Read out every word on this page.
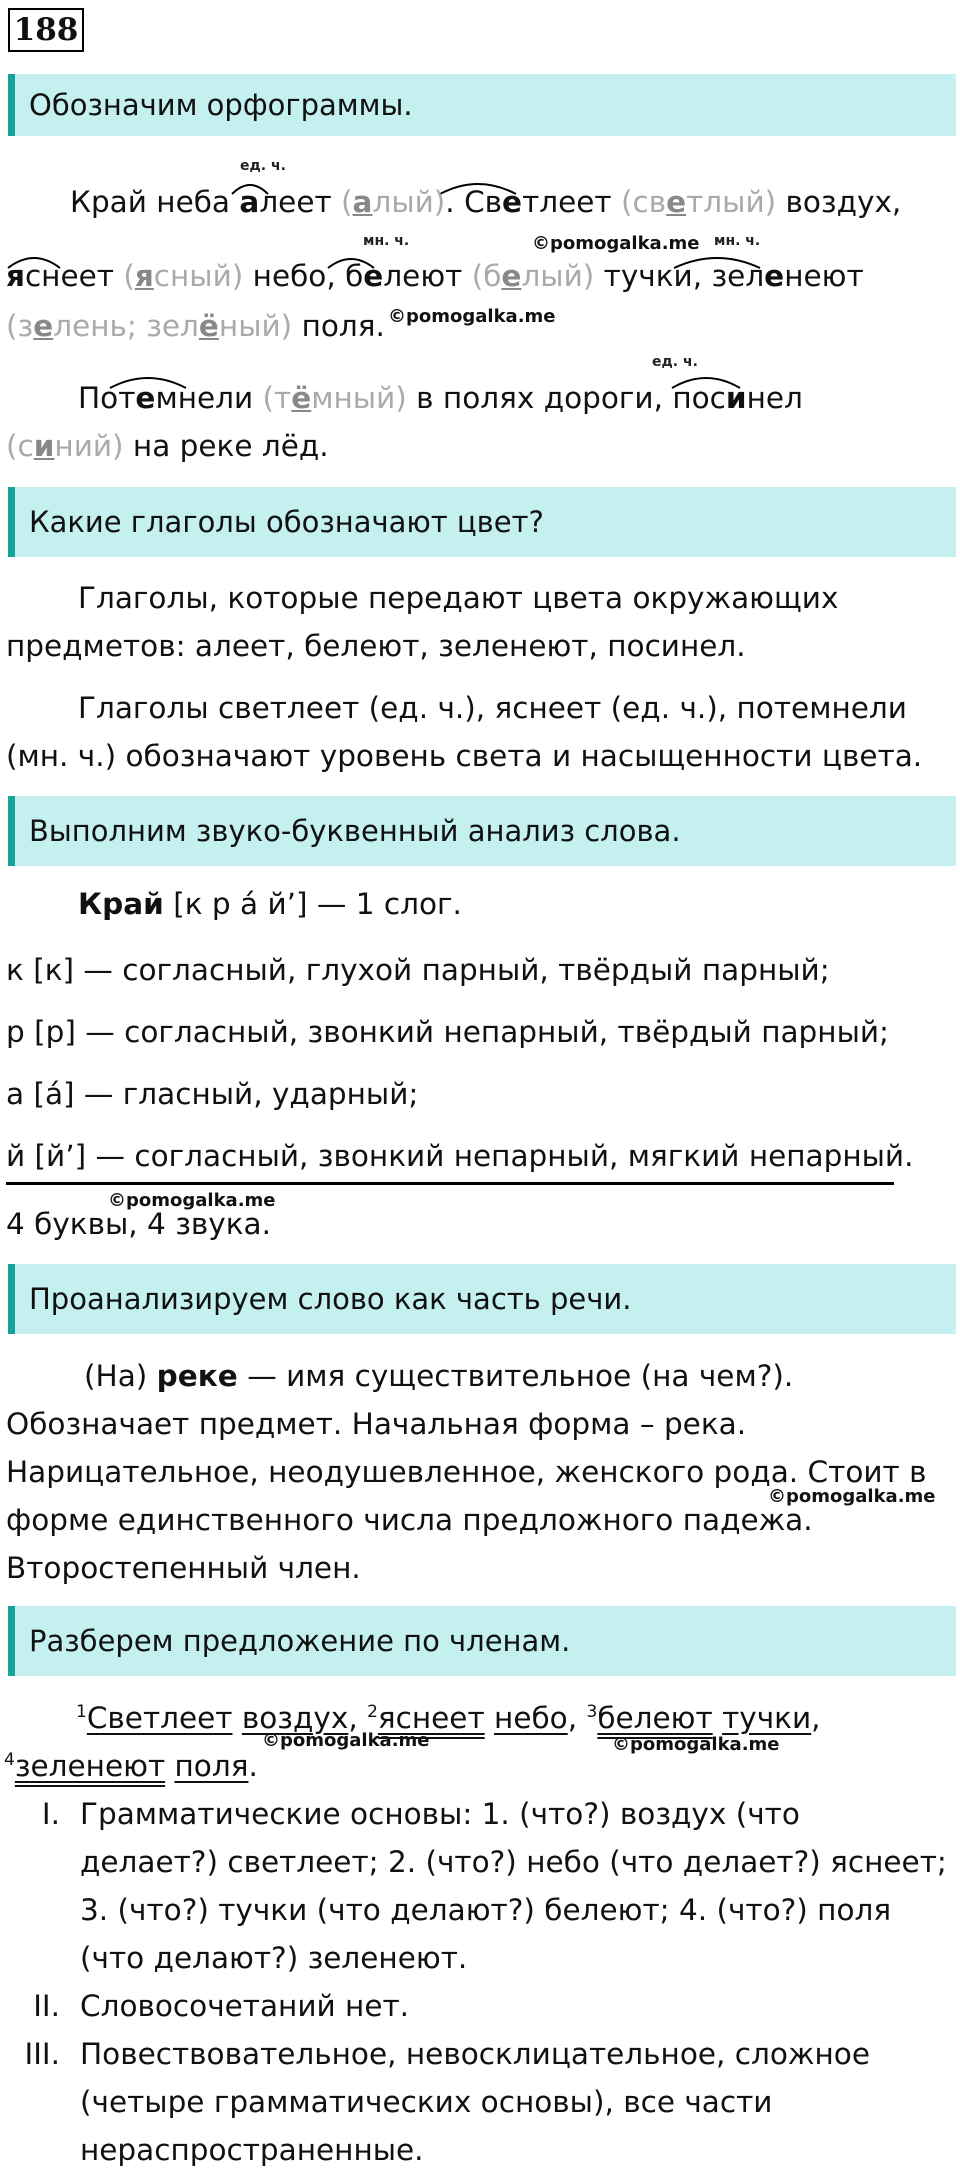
188
Обозначим орфограммы.
ед. ч.
Край неба алеет (алый). Светлеет (светлый) воздух,
мн. ч.	©pomogalka.me мн. ч.
яснеет (ясный) небо, белеют (белый) тучки, зеленеют
(зелень; зелёный) поля. ©pomogalka.me
ед. ч.
Потемнели (тёмный) в полях дороги, посинел
(синий) на реке лёд.
Какие глаголы обозначают цвет?
Глаголы, которые передают цвета окружающих
предметов: алеет, белеют, зеленеют, посинел.
Глаголы светлеет (ед. ч.), яснеет (ед. ч.), потемнели
(мн. ч.) обозначают уровень света и насыщенности цвета.
Выполним звуко-буквенный анализ слова.
Край [к р а́ й’] — 1 слог.
к [к] — согласный, глухой парный, твёрдый парный;
р [р] — согласный, звонкий непарный, твёрдый парный;
а [а́] — гласный, ударный;
й [й’] — согласный, звонкий непарный, мягкий непарный.
©pomogalka.me
4 буквы, 4 звука.
Проанализируем слово как часть речи.
(На) реке — имя существительное (на чем?).
Обозначает предмет. Начальная форма – река.
Нарицательное, неодушевленное, женского рода. Стоит в
©pomogalka.me
форме единственного числа предложного падежа.
Второстепенный член.
Разберем предложение по членам.
$^1$Светлеет воздух, $^2$яснеет небо, $^3$белеют тучки,
©pomogalka.me	©pomogalka.me
$^4$зеленеют поля.
I. Грамматические основы: 1. (что?) воздух (что
делает?) светлеет; 2. (что?) небо (что делает?) яснеет;
3. (что?) тучки (что делают?) белеют; 4. (что?) поля
(что делают?) зеленеют.
II. Словосочетаний нет.
III. Повествовательное, невосклицательное, сложное
(четыре грамматических основы), все части
нераспространенные.
